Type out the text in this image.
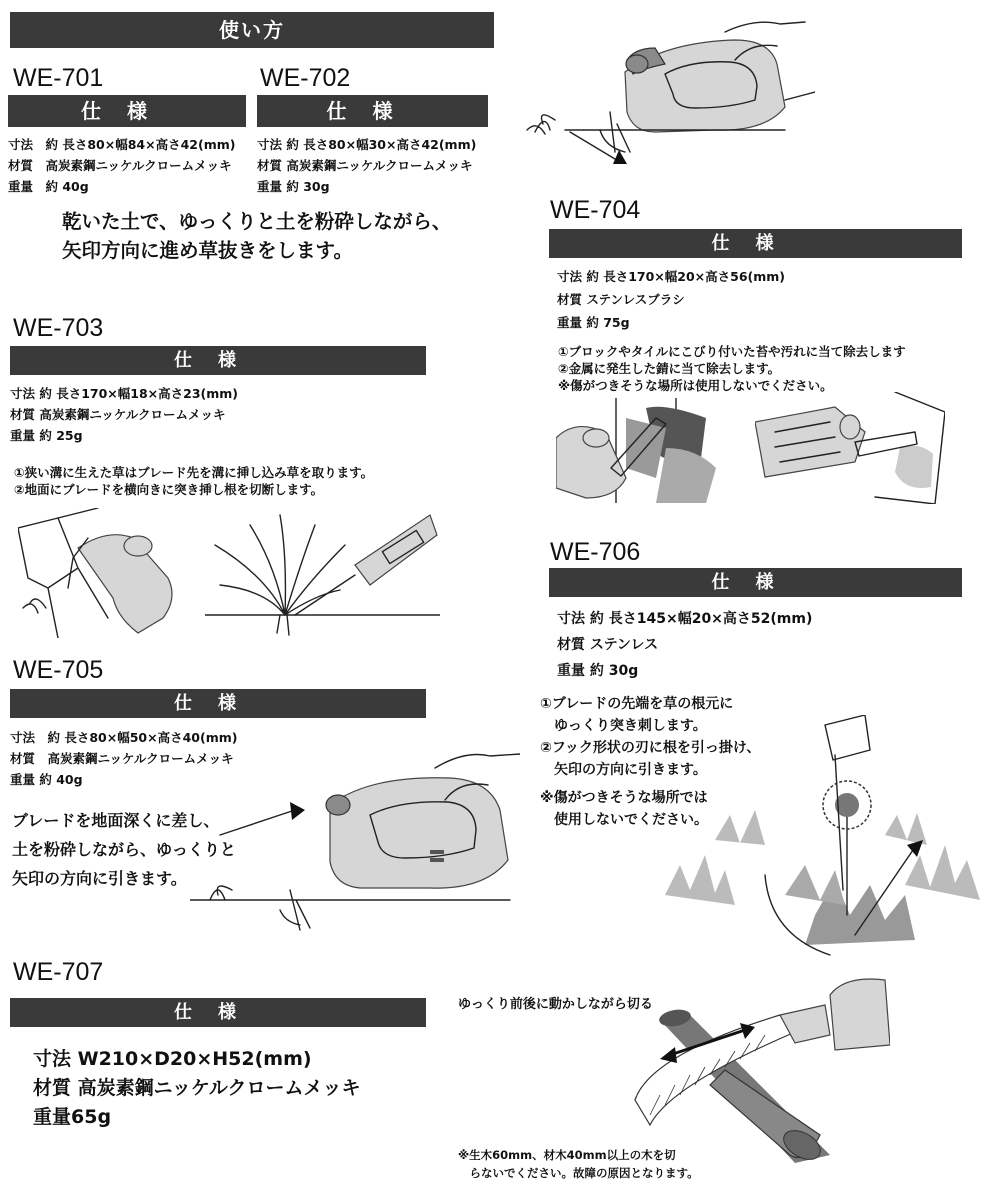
使い方
WE-701
仕様
寸法　約 長さ80×幅84×高さ42(mm)
材質　高炭素鋼ニッケルクロームメッキ
重量　約 40g
乾いた土で、ゆっくりと土を粉砕しながら、
矢印方向に進め草抜きをします。
WE-702
仕様
寸法 約 長さ80×幅30×高さ42(mm)
材質 高炭素鋼ニッケルクロームメッキ
重量 約 30g
WE-703
仕様
寸法 約 長さ170×幅18×高さ23(mm)
材質 高炭素鋼ニッケルクロームメッキ
重量 約 25g
①狭い溝に生えた草はブレード先を溝に挿し込み草を取ります。
②地面にブレードを横向きに突き挿し根を切断します。
WE-704
仕様
寸法 約 長さ170×幅20×高さ56(mm)
材質 ステンレスブラシ
重量 約 75g
①ブロックやタイルにこびり付いた苔や汚れに当て除去します
②金属に発生した錆に当て除去します。
※傷がつきそうな場所は使用しないでください。
WE-705
仕様
寸法　約 長さ80×幅50×高さ40(mm)
材質　高炭素鋼ニッケルクロームメッキ
重量 約 40g
ブレードを地面深くに差し、
土を粉砕しながら、ゆっくりと
矢印の方向に引きます。
WE-706
仕様
寸法 約 長さ145×幅20×高さ52(mm)
材質 ステンレス
重量 約 30g
①ブレードの先端を草の根元に
　ゆっくり突き刺します。
②フック形状の刃に根を引っ掛け、
　矢印の方向に引きます。
※傷がつきそうな場所では
　使用しないでください。
WE-707
仕様
寸法 W210×D20×H52(mm)
材質 高炭素鋼ニッケルクロームメッキ
重量65g
ゆっくり前後に動かしながら切る
※生木60mm、材木40mm以上の木を切
　らないでください。故障の原因となります。
